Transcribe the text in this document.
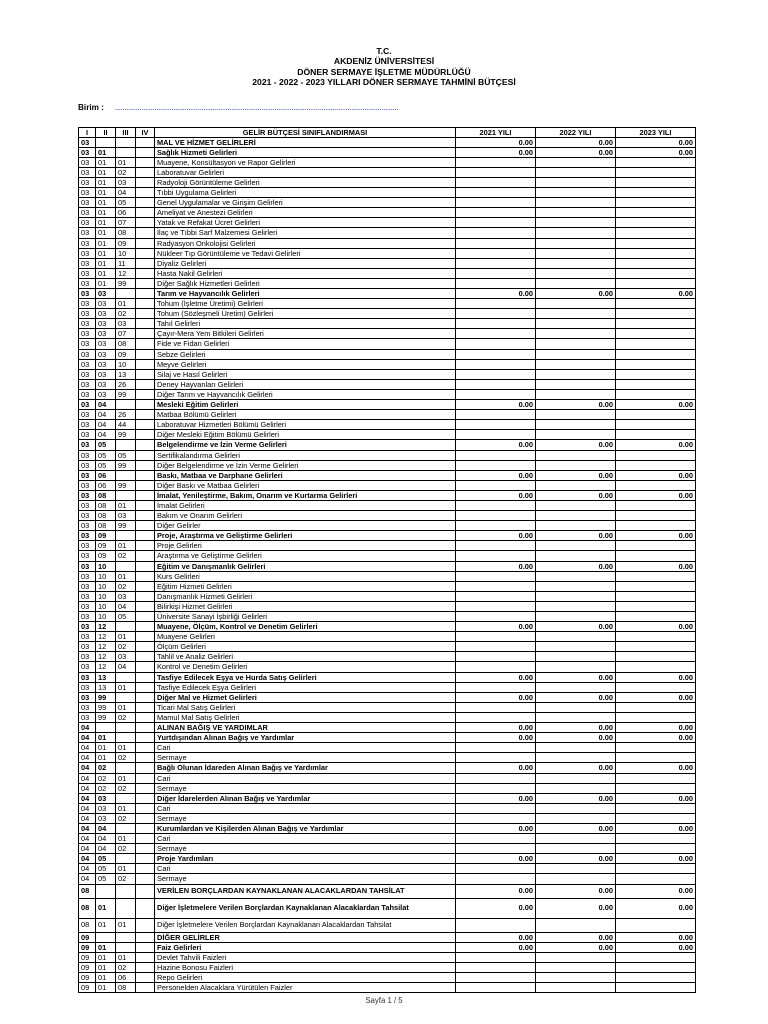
T.C.
AKDENİZ ÜNİVERSİTESİ
DÖNER SERMAYE İŞLETME MÜDÜRLÜĞÜ
2021 - 2022 - 2023 YILLARI DÖNER SERMAYE TAHMİNİ BÜTÇESİ
Birim : .......................................................................................................................................................
I	II	III	IV	GELİR BÜTÇESİ SINIFLANDIRMASI	2021 YILI	2022 YILI	2023 YILI
03				MAL VE HİZMET GELİRLERİ	0.00	0.00	0.00
03	01			Sağlık Hizmeti Gelirleri	0.00	0.00	0.00
03	01	01		Muayene, Konsültasyon ve Rapor Gelirleri			
03	01	02		Laboratuvar Gelirleri			
03	01	03		Radyoloji Görüntüleme Gelirleri			
03	01	04		Tıbbi Uygulama Gelirleri			
03	01	05		Genel Uygulamalar ve Girişim Gelirleri			
03	01	06		Ameliyat ve Anestezi Gelirleri			
03	01	07		Yatak ve Refakat Ücret Gelirleri			
03	01	08		İlaç ve Tıbbi Sarf Malzemesi Gelirleri			
03	01	09		Radyasyon Onkolojisi Gelirleri			
03	01	10		Nükleer Tıp Görüntüleme ve Tedavi Gelirleri			
03	01	11		Diyaliz Gelirleri			
03	01	12		Hasta Nakil Gelirleri			
03	01	99		Diğer Sağlık Hizmetleri Gelirleri			
03	03			Tarım ve Hayvancılık Gelirleri	0.00	0.00	0.00
03	03	01		Tohum (İşletme Üretimi) Gelirleri			
03	03	02		Tohum (Sözleşmeli Üretim) Gelirleri			
03	03	03		Tahıl Gelirleri			
03	03	07		Çayır-Mera Yem Bitkileri Gelirleri			
03	03	08		Fide ve Fidan Gelirleri			
03	03	09		Sebze Gelirleri			
03	03	10		Meyve Gelirleri			
03	03	13		Silaj ve Hasıl Gelirleri			
03	03	26		Deney Hayvanları Gelirleri			
03	03	99		Diğer Tarım ve Hayvancılık Gelirleri			
03	04			Mesleki Eğitim Gelirleri	0.00	0.00	0.00
03	04	26		Matbaa Bölümü Gelirleri			
03	04	44		Laboratuvar Hizmetleri Bölümü Gelirleri			
03	04	99		Diğer Mesleki Eğitim Bölümü Gelirleri			
03	05			Belgelendirme ve İzin Verme Gelirleri	0.00	0.00	0.00
03	05	05		Sertifikalandırma Gelirleri			
03	05	99		Diğer Belgelendirme ve İzin Verme Gelirleri			
03	06			Baskı, Matbaa ve Darphane Gelirleri	0.00	0.00	0.00
03	06	99		Diğer Baskı ve Matbaa Gelirleri			
03	08			İmalat, Yenileştirme, Bakım, Onarım ve Kurtarma Gelirleri	0.00	0.00	0.00
03	08	01		İmalat Gelirleri			
03	08	03		Bakım ve Onarım Gelirleri			
03	08	99		Diğer Gelirler			
03	09			Proje, Araştırma ve Geliştirme Gelirleri	0.00	0.00	0.00
03	09	01		Proje Gelirleri			
03	09	02		Araştırma ve Geliştirme Gelirleri			
03	10			Eğitim ve Danışmanlık Gelirleri	0.00	0.00	0.00
03	10	01		Kurs Gelirleri			
03	10	02		Eğitim Hizmeti Gelirleri			
03	10	03		Danışmanlık Hizmeti Gelirleri			
03	10	04		Bilirkişi Hizmet Gelirleri			
03	10	05		Üniversite Sanayi İşbirliği Gelirleri			
03	12			Muayene, Ölçüm, Kontrol ve Denetim Gelirleri	0.00	0.00	0.00
03	12	01		Muayene Gelirleri			
03	12	02		Ölçüm Gelirleri			
03	12	03		Tahlil ve Analiz Gelirleri			
03	12	04		Kontrol ve Denetim Gelirleri			
03	13			Tasfiye Edilecek Eşya ve Hurda Satış Gelirleri	0.00	0.00	0.00
03	13	01		Tasfiye Edilecek Eşya Gelirleri			
03	99			Diğer Mal ve Hizmet Gelirleri	0.00	0.00	0.00
03	99	01		Ticari Mal Satış Gelirleri			
03	99	02		Mamul Mal Satış Gelirleri			
04				ALINAN BAĞIŞ VE YARDIMLAR	0.00	0.00	0.00
04	01			Yurtdışından Alınan Bağış ve Yardımlar	0.00	0.00	0.00
04	01	01		Cari			
04	01	02		Sermaye			
04	02			Bağlı Olunan İdareden Alınan Bağış ve Yardımlar	0.00	0.00	0.00
04	02	01		Cari			
04	02	02		Sermaye			
04	03			Diğer İdarelerden Alınan Bağış ve Yardımlar	0.00	0.00	0.00
04	03	01		Cari			
04	03	02		Sermaye			
04	04			Kurumlardan ve Kişilerden Alınan Bağış ve Yardımlar	0.00	0.00	0.00
04	04	01		Cari			
04	04	02		Sermaye			
04	05			Proje Yardımları	0.00	0.00	0.00
04	05	01		Cari			
04	05	02		Sermaye			
08				VERİLEN BORÇLARDAN KAYNAKLANAN ALACAKLARDAN TAHSİLAT	0.00	0.00	0.00
08	01			Diğer İşletmelere Verilen Borçlardan Kaynaklanan Alacaklardan Tahsilat	0.00	0.00	0.00
08	01	01		Diğer İşletmelere Verilen Borçlardan Kaynaklanan Alacaklardan Tahsilat			
09				DİĞER GELİRLER	0.00	0.00	0.00
09	01			Faiz Gelirleri	0.00	0.00	0.00
09	01	01		Devlet Tahvili Faizleri			
09	01	02		Hazine Bonosu Faizleri			
09	01	06		Repo Gelirleri			
09	01	08		Personelden Alacaklara Yürütülen Faizler			
Sayfa 1 / 5
